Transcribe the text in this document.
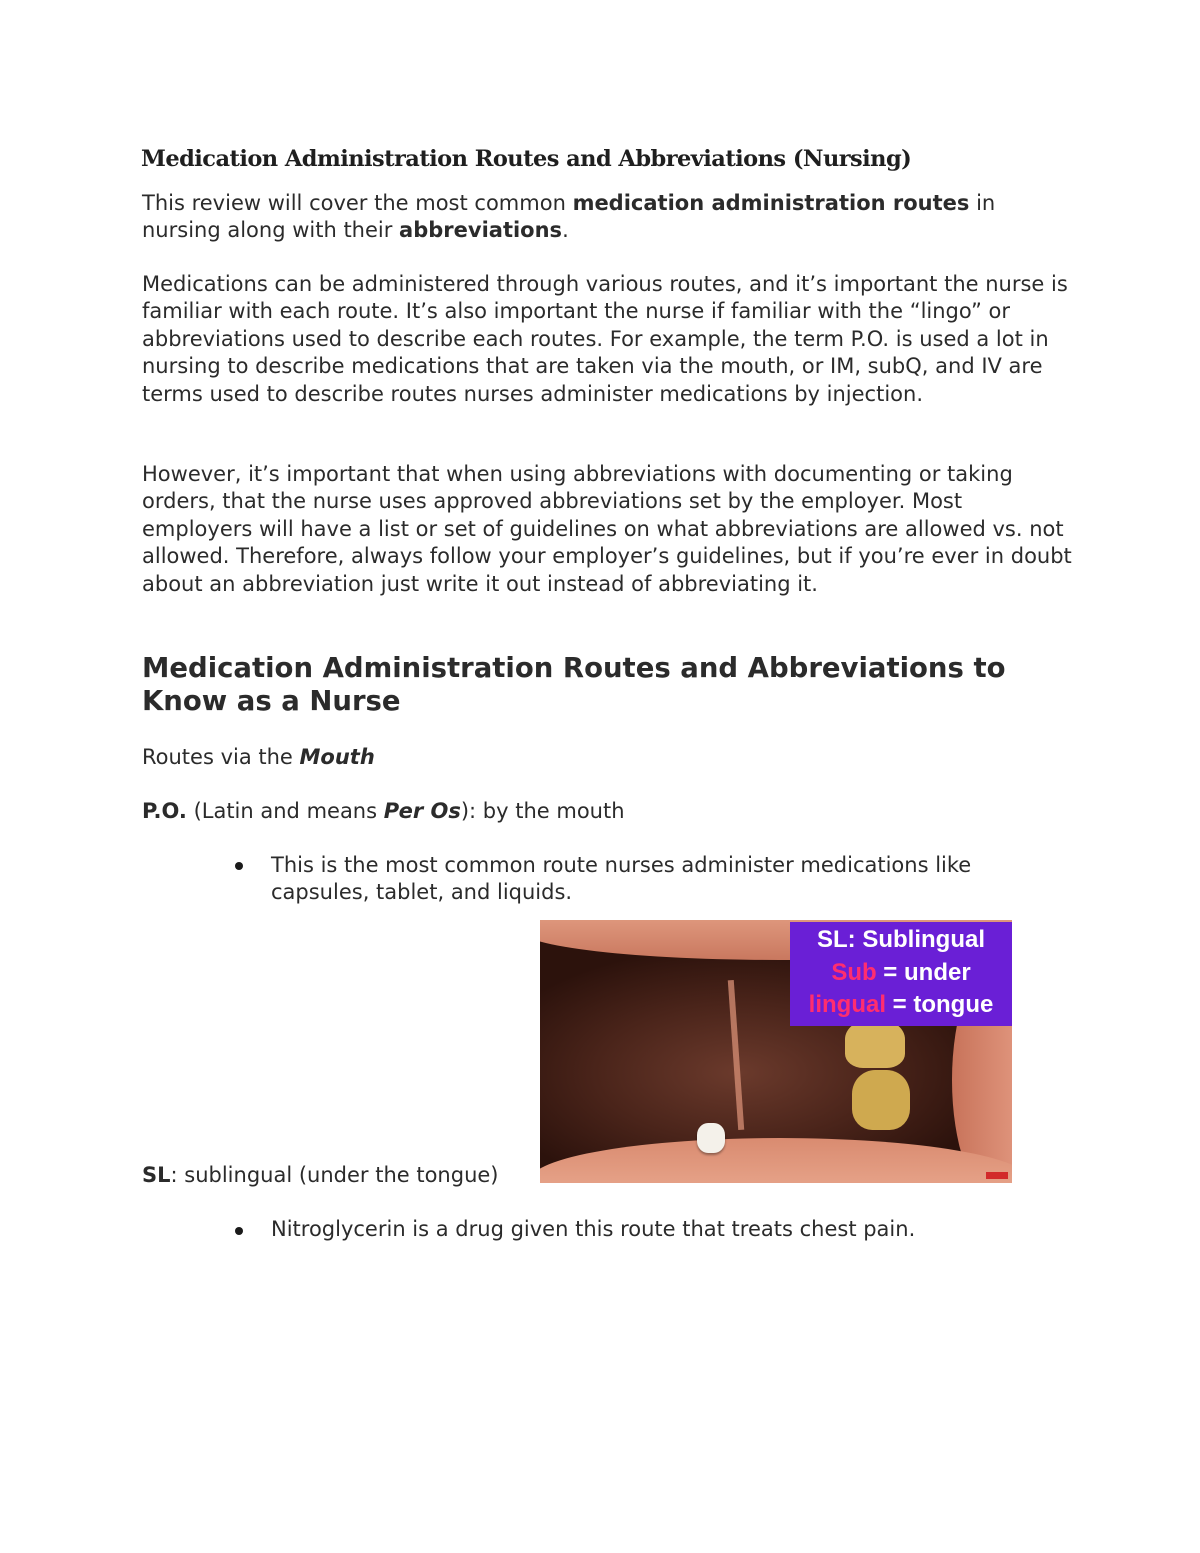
Medication Administration Routes and Abbreviations (Nursing)

This review will cover the most common medication administration routes in nursing along with their abbreviations.

Medications can be administered through various routes, and it’s important the nurse is familiar with each route. It’s also important the nurse if familiar with the “lingo” or abbreviations used to describe each routes. For example, the term P.O. is used a lot in nursing to describe medications that are taken via the mouth, or IM, subQ, and IV are terms used to describe routes nurses administer medications by injection.

However, it’s important that when using abbreviations with documenting or taking orders, that the nurse uses approved abbreviations set by the employer. Most employers will have a list or set of guidelines on what abbreviations are allowed vs. not allowed. Therefore, always follow your employer’s guidelines, but if you’re ever in doubt about an abbreviation just write it out instead of abbreviating it.

Medication Administration Routes and Abbreviations to Know as a Nurse

Routes via the Mouth

P.O. (Latin and means Per Os): by the mouth

This is the most common route nurses administer medications like capsules, tablet, and liquids.

SL: Sublingual
Sub = under
lingual = tongue

SL: sublingual (under the tongue)

Nitroglycerin is a drug given this route that treats chest pain.
